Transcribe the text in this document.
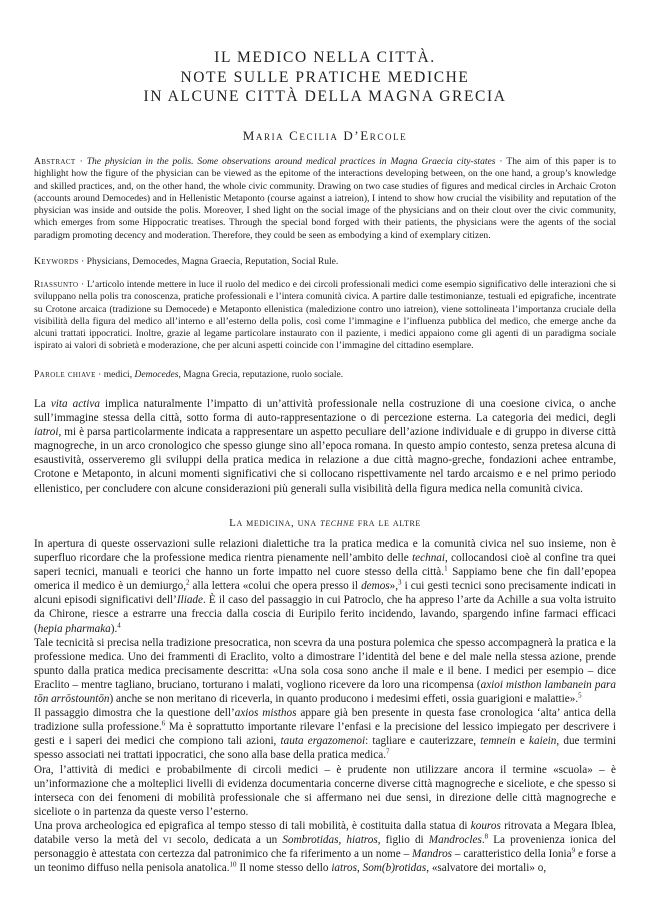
IL MEDICO NELLA CITTÀ.
NOTE SULLE PRATICHE MEDICHE
IN ALCUNE CITTÀ DELLA MAGNA GRECIA
Maria Cecilia D’Ercole
Abstract · The physician in the polis. Some observations around medical practices in Magna Graecia city-states · The aim of this paper is to highlight how the figure of the physician can be viewed as the epitome of the interactions developing between, on the one hand, a group’s knowledge and skilled practices, and, on the other hand, the whole civic community. Drawing on two case studies of figures and medical circles in Archaic Croton (accounts around Democedes) and in Hellenistic Metaponto (course against a iatreion), I intend to show how crucial the visibility and reputation of the physician was inside and outside the polis. Moreover, I shed light on the social image of the physicians and on their clout over the civic community, which emerges from some Hippocratic treatises. Through the special bond forged with their patients, the physicians were the agents of the social paradigm promoting decency and moderation. Therefore, they could be seen as embodying a kind of exemplary citizen.
Keywords · Physicians, Democedes, Magna Graecia, Reputation, Social Rule.
Riassunto · L’articolo intende mettere in luce il ruolo del medico e dei circoli professionali medici come esempio significativo delle interazioni che si sviluppano nella polis tra conoscenza, pratiche professionali e l’intera comunità civica. A partire dalle testimonianze, testuali ed epigrafiche, incentrate su Crotone arcaica (tradizione su Democede) e Metaponto ellenistica (maledizione contro uno iatreion), viene sottolineata l’importanza cruciale della visibilità della figura del medico all’interno e all’esterno della polis, così come l’immagine e l’influenza pubblica del medico, che emerge anche da alcuni trattati ippocratici. Inoltre, grazie al legame particolare instaurato con il paziente, i medici appaiono come gli agenti di un paradigma sociale ispirato ai valori di sobrietà e moderazione, che per alcuni aspetti coincide con l’immagine del cittadino esemplare.
Parole chiave · medici, Democedes, Magna Grecia, reputazione, ruolo sociale.
La vita activa implica naturalmente l’impatto di un’attività professionale nella costruzione di una coesione civica, o anche sull’immagine stessa della città, sotto forma di auto-rappresentazione o di percezione esterna. La categoria dei medici, degli iatroi, mi è parsa particolarmente indicata a rappresentare un aspetto peculiare dell’azione individuale e di gruppo in diverse città magnogreche, in un arco cronologico che spesso giunge sino all’epoca romana. In questo ampio contesto, senza pretesa alcuna di esaustività, osserveremo gli sviluppi della pratica medica in relazione a due città magno-greche, fondazioni achee entrambe, Crotone e Metaponto, in alcuni momenti significativi che si collocano rispettivamente nel tardo arcaismo e e nel primo periodo ellenistico, per concludere con alcune considerazioni più generali sulla visibilità della figura medica nella comunità civica.
La medicina, una techne fra le altre

In apertura di queste osservazioni sulle relazioni dialettiche tra la pratica medica e la comunità civica nel suo insieme, non è superfluo ricordare che la professione medica rientra pienamente nell’ambito delle technai, collocandosi cioè al confine tra quei saperi tecnici, manuali e teorici che hanno un forte impatto nel cuore stesso della città.$^1$ Sappiamo bene che fin dall’epopea omerica il medico è un demiurgo,$^2$ alla lettera «colui che opera presso il demos»,$^3$ i cui gesti tecnici sono precisamente indicati in alcuni episodi significativi dell’Iliade. È il caso del passaggio in cui Patroclo, che ha appreso l’arte da Achille a sua volta istruito da Chirone, riesce a estrarre una freccia dalla coscia di Euripilo ferito incidendo, lavando, spargendo infine farmaci efficaci (hepia pharmaka).$^4$

Tale tecnicità si precisa nella tradizione presocratica, non scevra da una postura polemica che spesso accompagnerà la pratica e la professione medica. Uno dei frammenti di Eraclito, volto a dimostrare l’identità del bene e del male nella stessa azione, prende spunto dalla pratica medica precisamente descritta: «Una sola cosa sono anche il male e il bene. I medici per esempio – dice Eraclito – mentre tagliano, bruciano, torturano i malati, vogliono ricevere da loro una ricompensa (axioi misthon lambanein para tōn arrōstountōn) anche se non meritano di riceverla, in quanto producono i medesimi effeti, ossia guarigioni e malattie».$^5$

Il passaggio dimostra che la questione dell’axios misthos appare già ben presente in questa fase cronologica ‘alta’ antica della tradizione sulla professione.$^6$ Ma è soprattutto importante rilevare l’enfasi e la precisione del lessico impiegato per descrivere i gesti e i saperi dei medici che compiono tali azioni, tauta ergazomenoi: tagliare e cauterizzare, temnein e kaiein, due termini spesso associati nei trattati ippocratici, che sono alla base della pratica medica.$^7$

Ora, l’attività di medici e probabilmente di circoli medici – è prudente non utilizzare ancora il termine «scuola» – è un’informazione che a molteplici livelli di evidenza documentaria concerne diverse città magnogreche e siceliote, e che spesso si interseca con dei fenomeni di mobilità professionale che si affermano nei due sensi, in direzione delle città magnogreche e siceliote o in partenza da queste verso l’esterno.

Una prova archeologica ed epigrafica al tempo stesso di tali mobilità, è costituita dalla statua di kouros ritrovata a Megara Iblea, databile verso la metà del vi secolo, dedicata a un Sombrotidas, hiatros, figlio di Mandrocles.$^8$ La provenienza ionica del personaggio è attestata con certezza dal patronimico che fa riferimento a un nome – Mandros – caratteristico della Ionia$^9$ e forse a un teonimo diffuso nella penisola anatolica.$^{10}$ Il nome stesso dello iatros, Som(b)rotidas, «salvatore dei mortali» o,
